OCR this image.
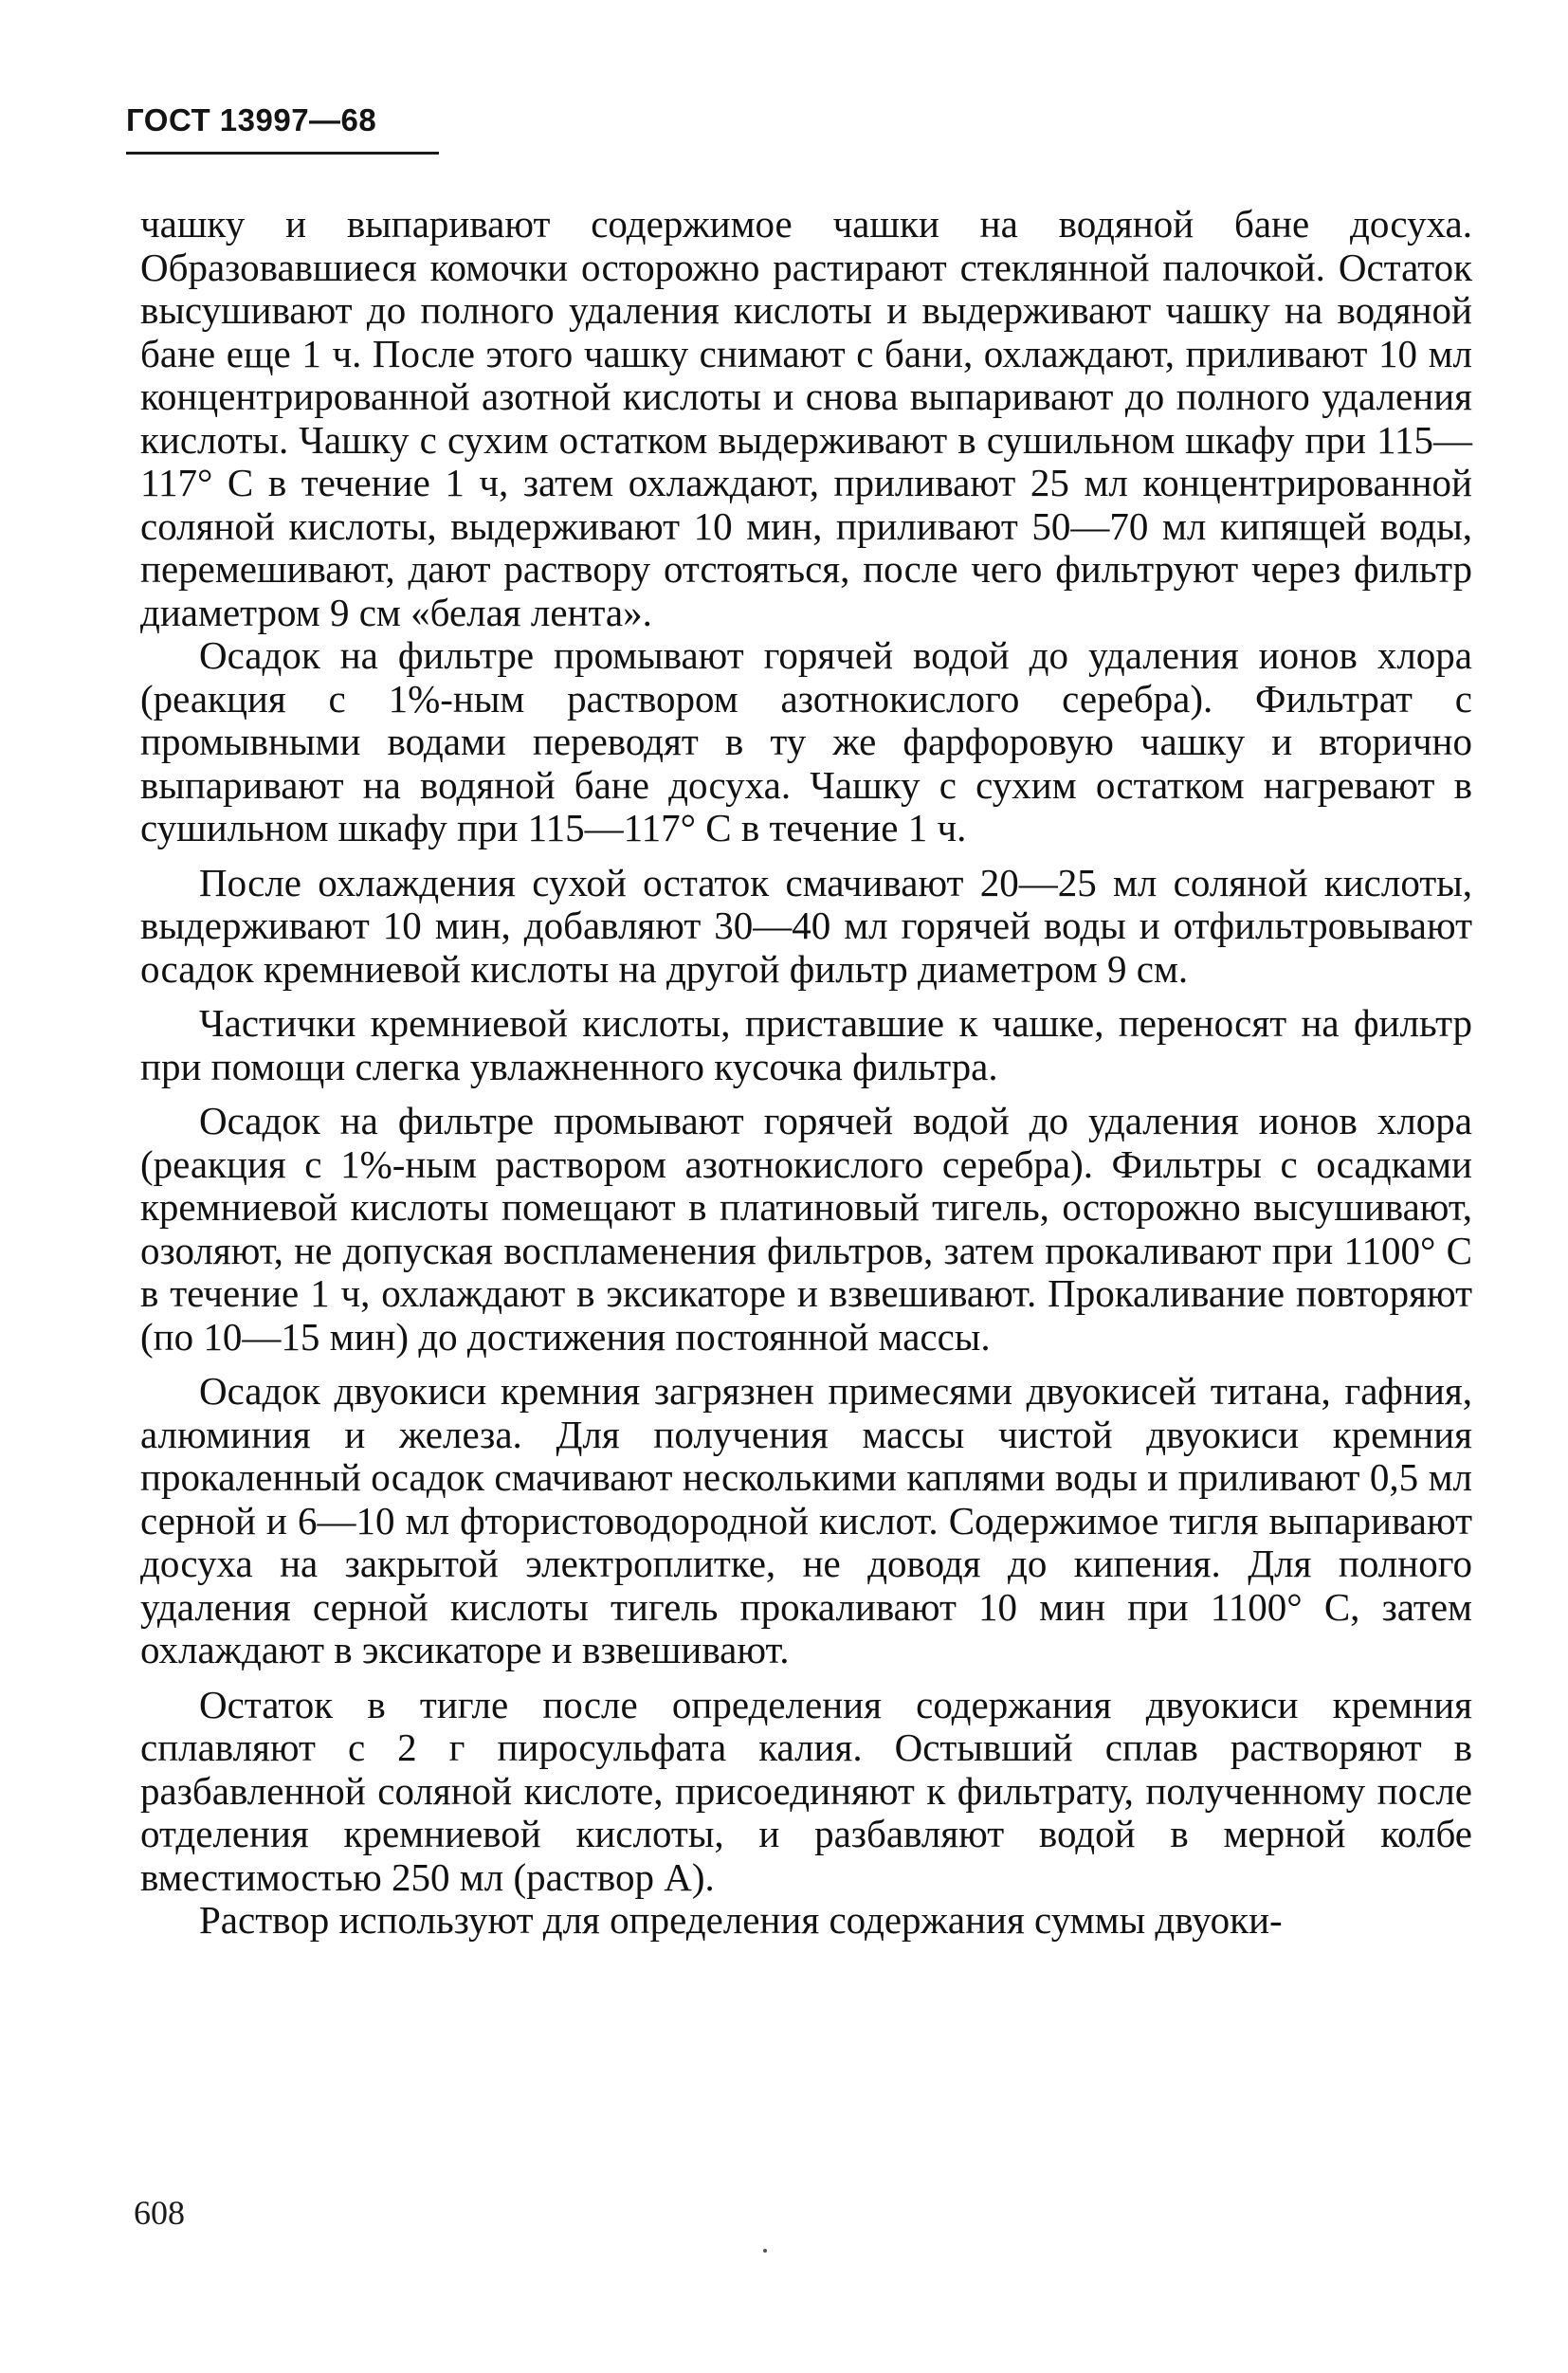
ГОСТ 13997—68

чашку и выпаривают содержимое чашки на водяной бане досуха. Образовавшиеся комочки осторожно растирают стеклянной палочкой. Остаток высушивают до полного удаления кислоты и выдерживают чашку на водяной бане еще 1 ч. После этого чашку снимают с бани, охлаждают, приливают 10 мл концентрированной азотной кислоты и снова выпаривают до полного удаления кислоты. Чашку с сухим остатком выдерживают в сушильном шкафу при 115—117° С в течение 1 ч, затем охлаждают, приливают 25 мл концентрированной соляной кислоты, выдерживают 10 мин, приливают 50—70 мл кипящей воды, перемешивают, дают раствору отстояться, после чего фильтруют через фильтр диаметром 9 см «белая лента».

Осадок на фильтре промывают горячей водой до удаления ионов хлора (реакция с 1%-ным раствором азотнокислого серебра). Фильтрат с промывными водами переводят в ту же фарфоровую чашку и вторично выпаривают на водяной бане досуха. Чашку с сухим остатком нагревают в сушильном шкафу при 115—117° С в течение 1 ч.

После охлаждения сухой остаток смачивают 20—25 мл соляной кислоты, выдерживают 10 мин, добавляют 30—40 мл горячей воды и отфильтровывают осадок кремниевой кислоты на другой фильтр диаметром 9 см.

Частички кремниевой кислоты, приставшие к чашке, переносят на фильтр при помощи слегка увлажненного кусочка фильтра.

Осадок на фильтре промывают горячей водой до удаления ионов хлора (реакция с 1%-ным раствором азотнокислого серебра). Фильтры с осадками кремниевой кислоты помещают в платиновый тигель, осторожно высушивают, озоляют, не допуская воспламенения фильтров, затем прокаливают при 1100° С в течение 1 ч, охлаждают в эксикаторе и взвешивают. Прокаливание повторяют (по 10—15 мин) до достижения постоянной массы.

Осадок двуокиси кремния загрязнен примесями двуокисей титана, гафния, алюминия и железа. Для получения массы чистой двуокиси кремния прокаленный осадок смачивают несколькими каплями воды и приливают 0,5 мл серной и 6—10 мл фтористоводородной кислот. Содержимое тигля выпаривают досуха на закрытой электроплитке, не доводя до кипения. Для полного удаления серной кислоты тигель прокаливают 10 мин при 1100° С, затем охлаждают в эксикаторе и взвешивают.

Остаток в тигле после определения содержания двуокиси кремния сплавляют с 2 г пиросульфата калия. Остывший сплав растворяют в разбавленной соляной кислоте, присоединяют к фильтрату, полученному после отделения кремниевой кислоты, и разбавляют водой в мерной колбе вместимостью 250 мл (раствор А).

Раствор используют для определения содержания суммы двуоки-

608
